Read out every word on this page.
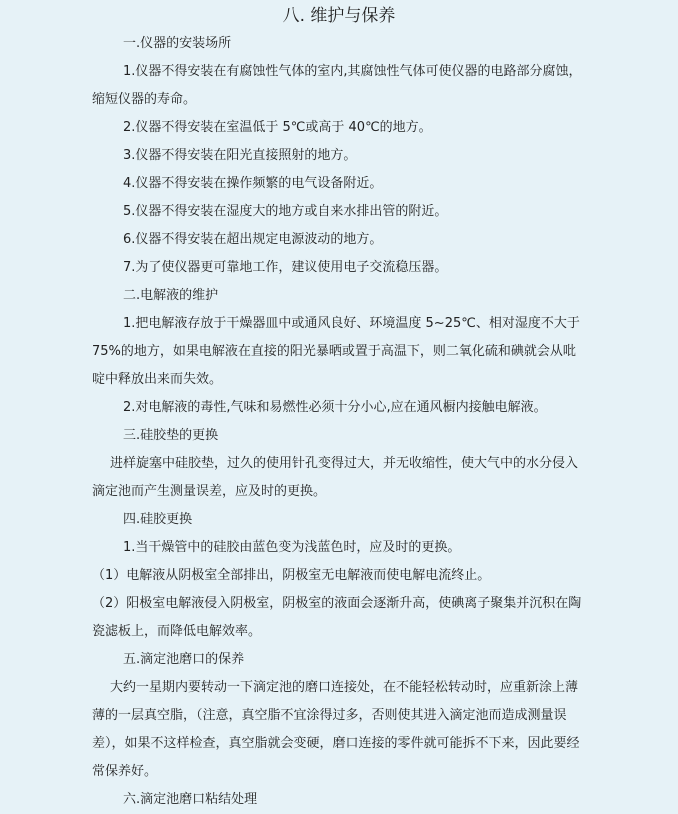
八. 维护与保养

一.仪器的安装场所

1.仪器不得安装在有腐蚀性气体的室内,其腐蚀性气体可使仪器的电路部分腐蚀，缩短仪器的寿命。

2.仪器不得安装在室温低于 5℃或高于 40℃的地方。

3.仪器不得安装在阳光直接照射的地方。

4.仪器不得安装在操作频繁的电气设备附近。

5.仪器不得安装在湿度大的地方或自来水排出管的附近。

6.仪器不得安装在超出规定电源波动的地方。

7.为了使仪器更可靠地工作，建议使用电子交流稳压器。

二.电解液的维护

1.把电解液存放于干燥器皿中或通风良好、环境温度 5~25℃、相对湿度不大于 75%的地方，如果电解液在直接的阳光暴晒或置于高温下，则二氧化硫和碘就会从吡啶中释放出来而失效。

2.对电解液的毒性,气味和易燃性必须十分小心,应在通风橱内接触电解液。

三.硅胶垫的更换

进样旋塞中硅胶垫，过久的使用针孔变得过大，并无收缩性，使大气中的水分侵入滴定池而产生测量误差，应及时的更换。

四.硅胶更换

1.当干燥管中的硅胶由蓝色变为浅蓝色时，应及时的更换。

（1）电解液从阴极室全部排出，阴极室无电解液而使电解电流终止。

（2）阳极室电解液侵入阴极室，阴极室的液面会逐渐升高，使碘离子聚集并沉积在陶瓷滤板上，而降低电解效率。

五.滴定池磨口的保养

大约一星期内要转动一下滴定池的磨口连接处，在不能轻松转动时，应重新涂上薄薄的一层真空脂，（注意，真空脂不宜涂得过多，否则使其进入滴定池而造成测量误差），如果不这样检查，真空脂就会变硬，磨口连接的零件就可能拆不下来，因此要经常保养好。

六.滴定池磨口粘结处理
